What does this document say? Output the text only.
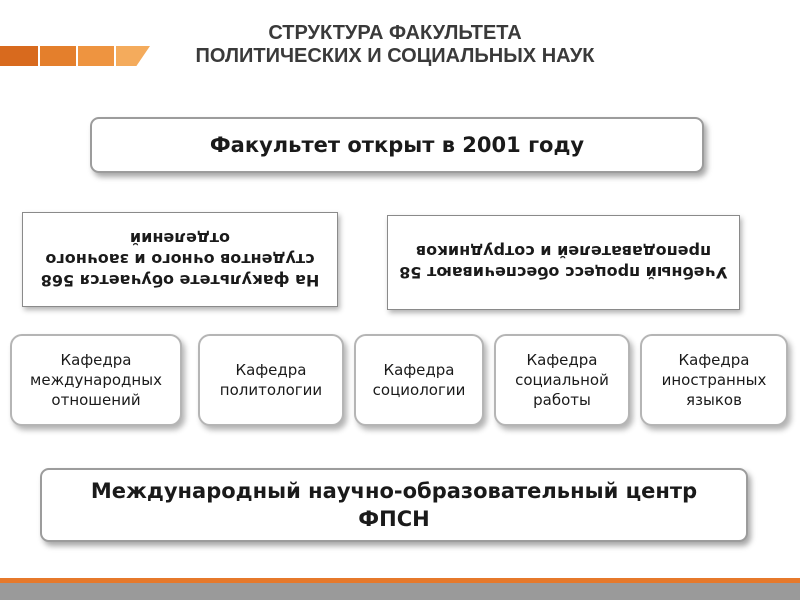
СТРУКТУРА ФАКУЛЬТЕТА
ПОЛИТИЧЕСКИХ И СОЦИАЛЬНЫХ НАУК
Факультет открыт в 2001 году
На факультете обучается 568 студентов очного и заочного отделений
Учебный процесс обеспечивают 58 преподавателей и сотрудников
Кафедра
международных
отношений
Кафедра
политологии
Кафедра
социологии
Кафедра
социальной
работы
Кафедра
иностранных
языков
Международный научно-образовательный центр
ФПСН
